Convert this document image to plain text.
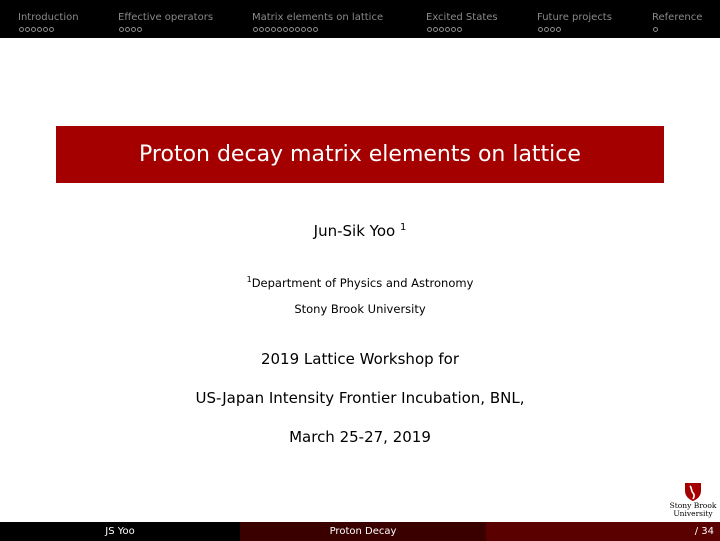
Introduction	Effective operators	Matrix elements on lattice	Excited States	Future projects	Reference
Proton decay matrix elements on lattice
Jun-Sik Yoo $^1$
$^1$Department of Physics and Astronomy
Stony Brook University
2019 Lattice Workshop for
US-Japan Intensity Frontier Incubation, BNL,
March 25-27, 2019
Stony Brook
University
JS Yoo	Proton Decay	/ 34
